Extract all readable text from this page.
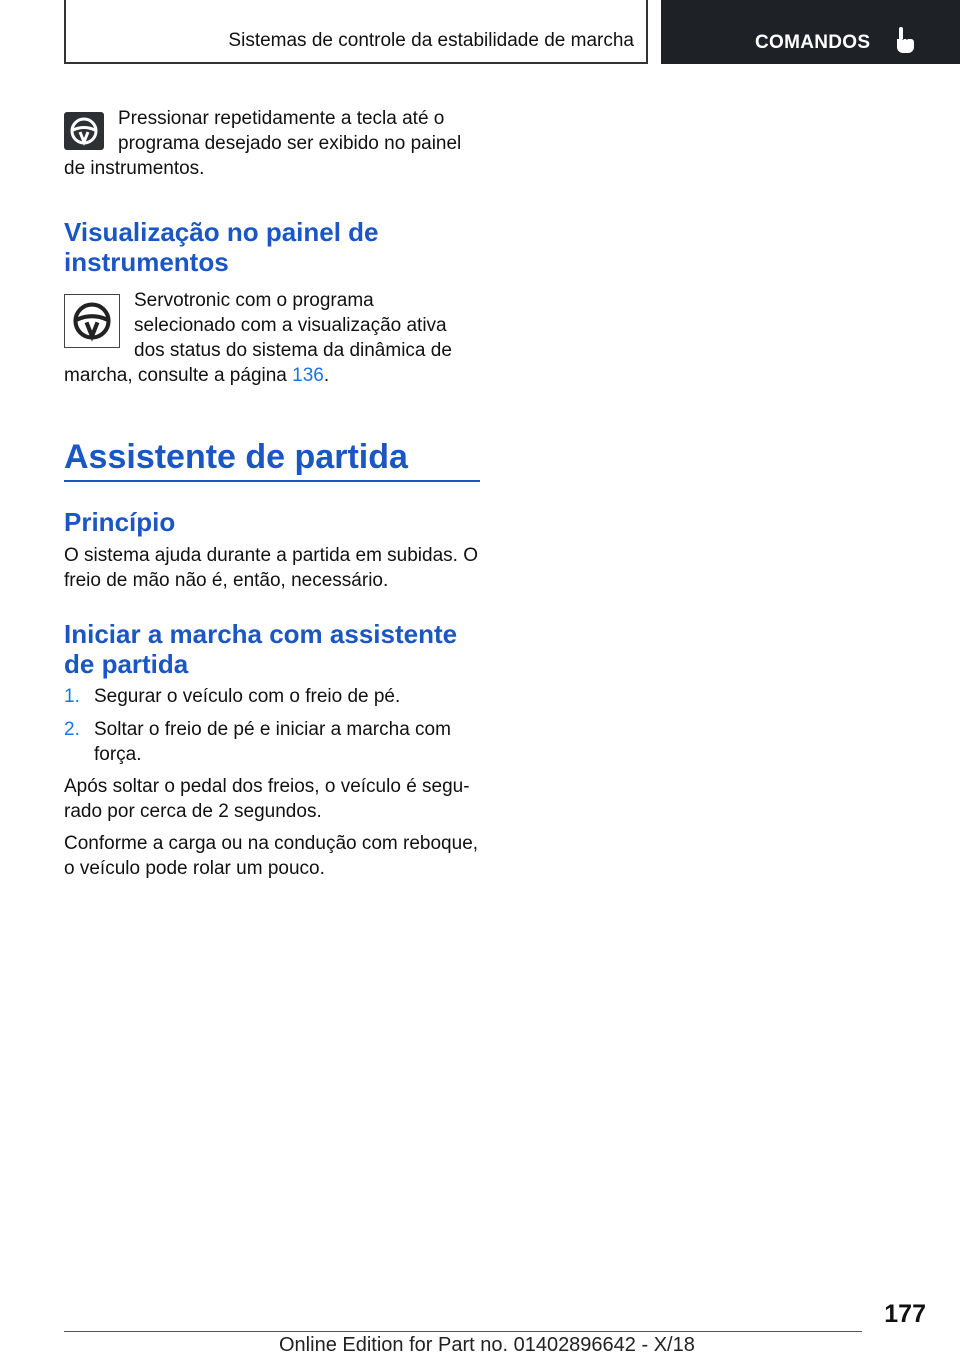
Sistemas de controle da estabilidade de marcha	COMANDOS

Pressionar repetidamente a tecla até o programa desejado ser exibido no painel de instrumentos.

Visualização no painel de instrumentos

Servotronic com o programa selecionado com a visualização ativa dos status do sistema da dinâmica de marcha, consulte a página 136.

Assistente de partida
Princípio

O sistema ajuda durante a partida em subidas. O freio de mão não é, então, necessário.

Iniciar a marcha com assistente de partida
1. Segurar o veículo com o freio de pé.
2. Soltar o freio de pé e iniciar a marcha com força.

Após soltar o pedal dos freios, o veículo é segurado por cerca de 2 segundos.

Conforme a carga ou na condução com reboque, o veículo pode rolar um pouco.

177
Online Edition for Part no. 01402896642 - X/18
